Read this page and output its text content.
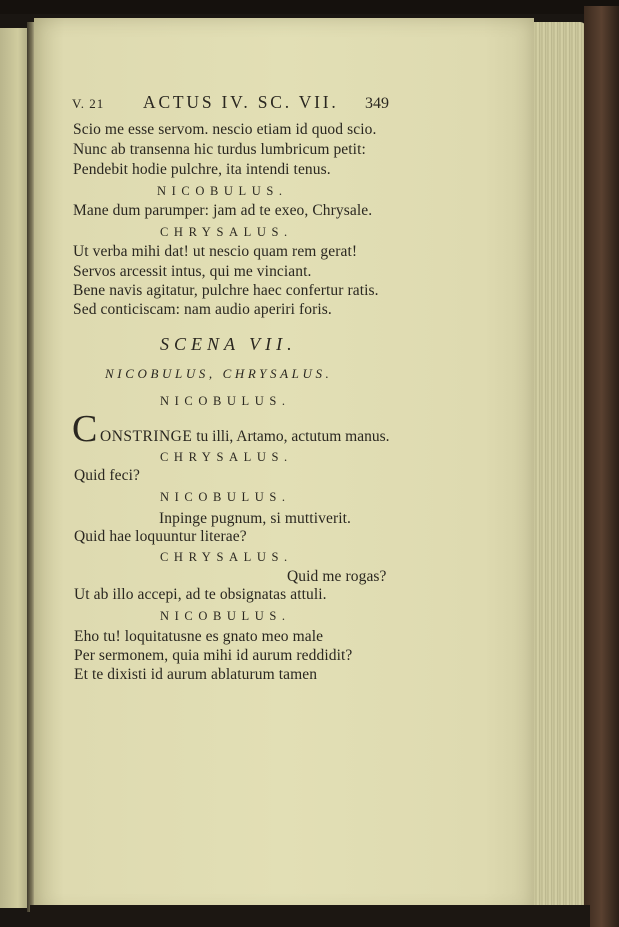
V. 21 ACTUS IV. SC. VII. 349
Scio me esse servom. nescio etiam id quod scio.
Nunc ab transenna hic turdus lumbricum petit:
Pendebit hodie pulchre, ita intendi tenus.
NICOBULUS.
Mane dum parumper: jam ad te exeo, Chrysale.
CHRYSALUS.
Ut verba mihi dat! ut nescio quam rem gerat!
Servos arcessit intus, qui me vinciant.
Bene navis agitatur, pulchre haec confertur ratis.
Sed conticiscam: nam audio aperiri foris.
SCENA VII.
NICOBULUS, CHRYSALUS.
NICOBULUS.
C ONSTRINGE tu illi, Artamo, actutum manus.
CHRYSALUS.
Quid feci?
NICOBULUS.
Inpinge pugnum, si muttiverit.
Quid hae loquuntur literae?
CHRYSALUS.
Quid me rogas?
Ut ab illo accepi, ad te obsignatas attuli.
NICOBULUS.
Eho tu! loquitatusne es gnato meo male
Per sermonem, quia mihi id aurum reddidit?
Et te dixisti id aurum ablaturum tamen
